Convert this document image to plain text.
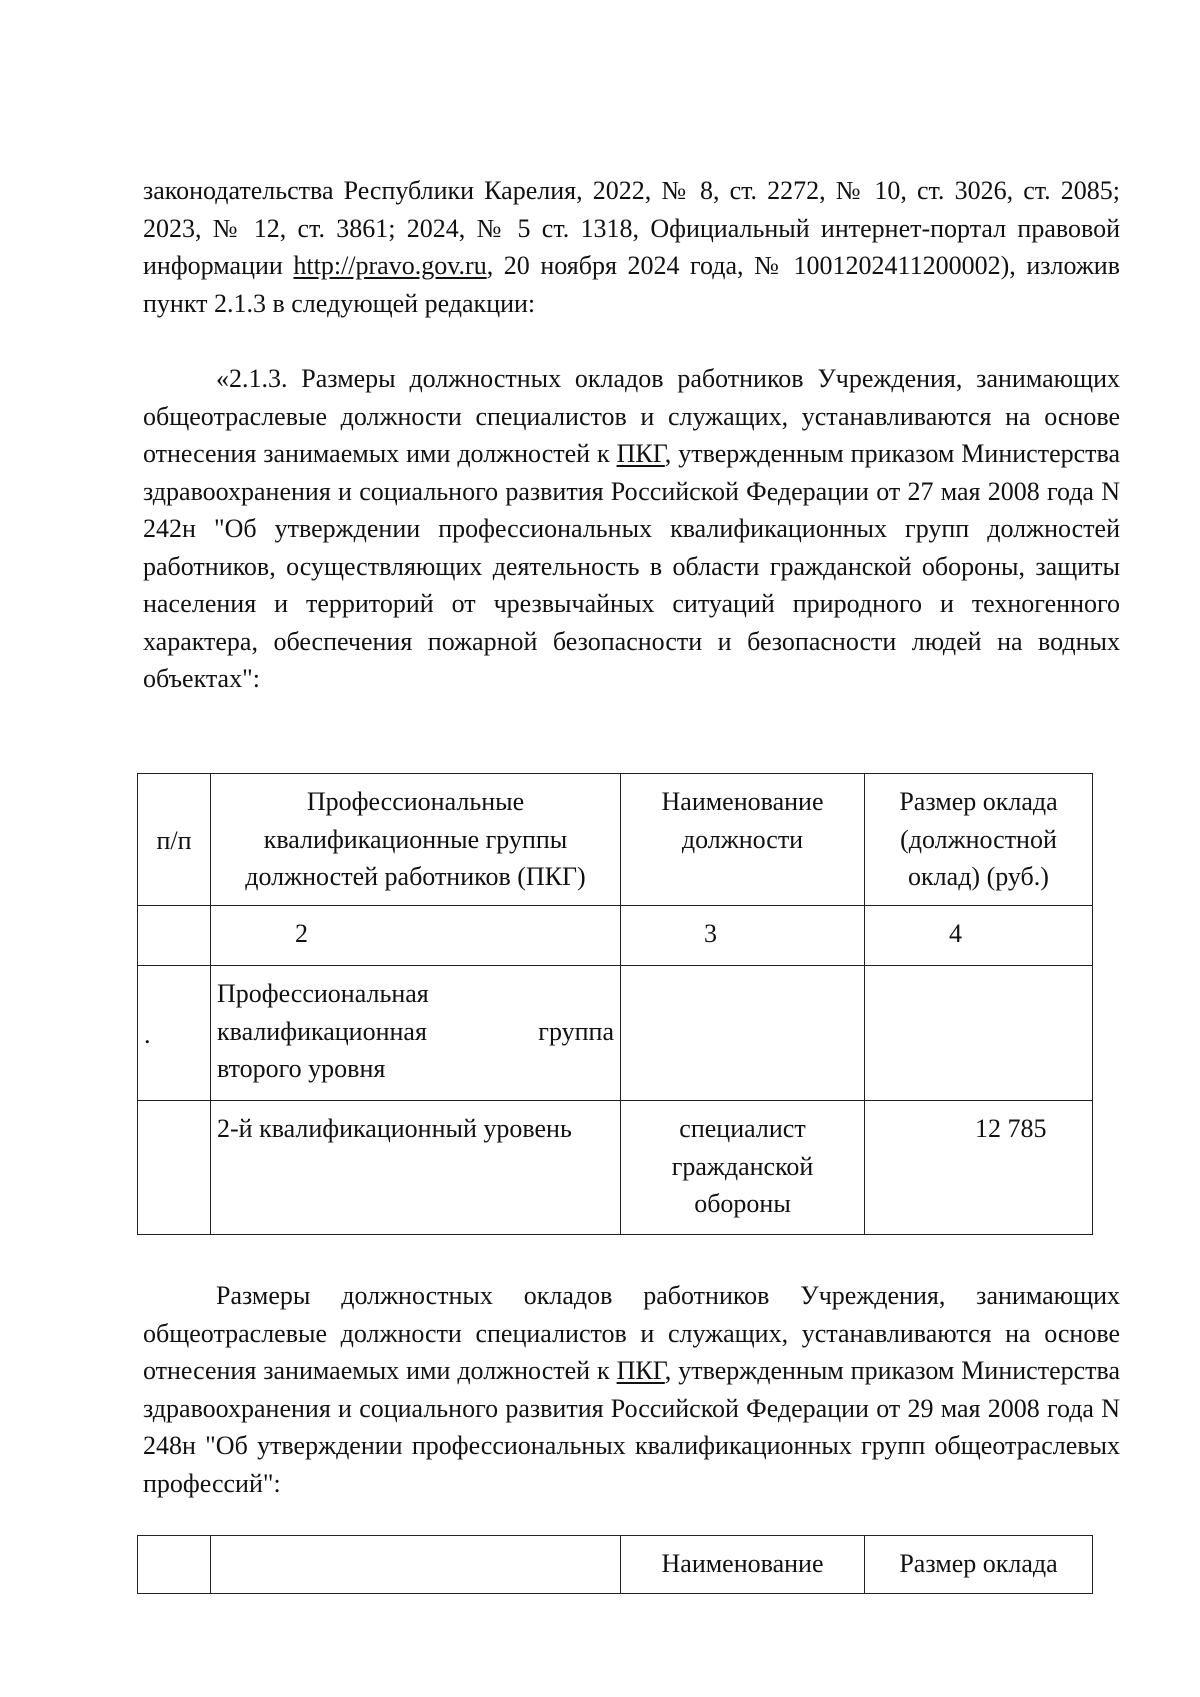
законодательства Республики Карелия, 2022, № 8, ст. 2272, № 10, ст. 3026, ст. 2085; 2023, № 12, ст. 3861; 2024, № 5 ст. 1318, Официальный интернет-портал правовой информации http://pravo.gov.ru, 20 ноября 2024 года, № 1001202411200002), изложив пункт 2.1.3 в следующей редакции:

«2.1.3. Размеры должностных окладов работников Учреждения, занимающих общеотраслевые должности специалистов и служащих, устанавливаются на основе отнесения занимаемых ими должностей к ПКГ, утвержденным приказом Министерства здравоохранения и социального развития Российской Федерации от 27 мая 2008 года N 242н "Об утверждении профессиональных квалификационных групп должностей работников, осуществляющих деятельность в области гражданской обороны, защиты населения и территорий от чрезвычайных ситуаций природного и техногенного характера, обеспечения пожарной безопасности и безопасности людей на водных объектах":

п/п	Профессиональные квалификационные группы должностей работников (ПКГ)	Наименование должности	Размер оклада (должностной оклад) (руб.)
	2	3	4
.	Профессиональная
квалификационная группа
второго уровня		

	2-й квалификационный уровень	специалист гражданской обороны	12 785

Размеры должностных окладов работников Учреждения, занимающих общеотраслевые должности специалистов и служащих, устанавливаются на основе отнесения занимаемых ими должностей к ПКГ, утвержденным приказом Министерства здравоохранения и социального развития Российской Федерации от 29 мая 2008 года N 248н "Об утверждении профессиональных квалификационных групп общеотраслевых профессий":

		Наименование	Размер оклада
